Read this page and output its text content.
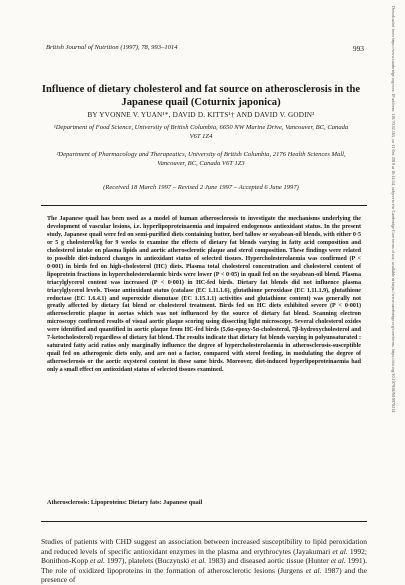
British Journal of Nutrition (1997), 78, 993–1014	993	Downloaded from https://www.cambridge.org/core. IP address: 118.70.52.165, on 11 Oct 2019 at 16:14:54, subject to the Cambridge Core terms of use, available at https://www.cambridge.org/core/terms. https://doi.org/10.1079/BJN19970214
Influence of dietary cholesterol and fat source on atherosclerosis in the Japanese quail (Coturnix japonica)
BY YVONNE V. YUAN¹*, DAVID D. KITTS¹† AND DAVID V. GODIN²
¹Department of Food Science, University of British Columbia, 6650 NW Marine Drive, Vancouver, BC, Canada V6T 1Z4
²Department of Pharmacology and Therapeutics, University of British Columbia, 2176 Health Sciences Mall, Vancouver, BC, Canada V6T 1Z3
(Received 18 March 1997 – Revised 2 June 1997 – Accepted 6 June 1997)

The Japanese quail has been used as a model of human atherosclerosis to investigate the mechanisms underlying the development of vascular lesions, i.e. hyperlipoproteinaemia and impaired endogenous antioxidant status. In the present study, Japanese quail were fed on semi-purified diets containing butter, beef tallow or soyabean-oil blends, with either 0·5 or 5 g cholesterol/kg for 9 weeks to examine the effects of dietary fat blends varying in fatty acid composition and cholesterol intake on plasma lipids and aortic atherosclerotic plaque and sterol composition. These findings were related to possible diet-induced changes in antioxidant status of selected tissues. Hypercholesterolaemia was confirmed (P < 0·001) in birds fed on high-cholesterol (HC) diets. Plasma total cholesterol concentration and cholesterol content of lipoprotein fractions in hypercholesterolaemic birds were lower (P < 0·05) in quail fed on the soyabean-oil blend. Plasma triacylglycerol content was increased (P < 0·001) in HC-fed birds. Dietary fat blends did not influence plasma triacylglycerol levels. Tissue antioxidant status (catalase (EC 1.11.1.6), glutathione peroxidase (EC 1.11.1.9), glutathione reductase (EC 1.6.4.1) and superoxide dismutase (EC 1.15.1.1) activities and glutathione content) was generally not greatly affected by dietary fat blend or cholesterol treatment. Birds fed on HC diets exhibited severe (P < 0·001) atherosclerotic plaque in aortas which was not influenced by the source of dietary fat blend. Scanning electron microscopy confirmed results of visual aortic plaque scoring using dissecting light microscopy. Several cholesterol oxides were identified and quantified in aortic plaque from HC-fed birds (5,6α-epoxy-5α-cholesterol, 7β-hydroxycholesterol and 7-ketocholesterol) regardless of dietary fat blend. The results indicate that dietary fat blends varying in polyunsaturated : saturated fatty acid ratios only marginally influence the degree of hypercholesterolaemia in atherosclerosis-susceptible quail fed on atherogenic diets only, and are not a factor, compared with sterol feeding, in modulating the degree of atherosclerosis or the aortic oxysterol content in these same birds. Moreover, diet-induced hyperlipoproteinaemia had only a small effect on antioxidant status of selected tissues examined.

Atherosclerosis: Lipoproteins: Dietary fats: Japanese quail

Studies of patients with CHD suggest an association between increased susceptibility to lipid peroxidation and reduced levels of specific antioxidant enzymes in the plasma and erythrocytes (Jayakumari et al. 1992; Bonithon-Kopp et al. 1997), platelets (Buczynski et al. 1983) and diseased aortic tissue (Hunter et al. 1991). The role of oxidized lipoproteins in the formation of atherosclerotic lesions (Jurgens et al. 1987) and the presence of
